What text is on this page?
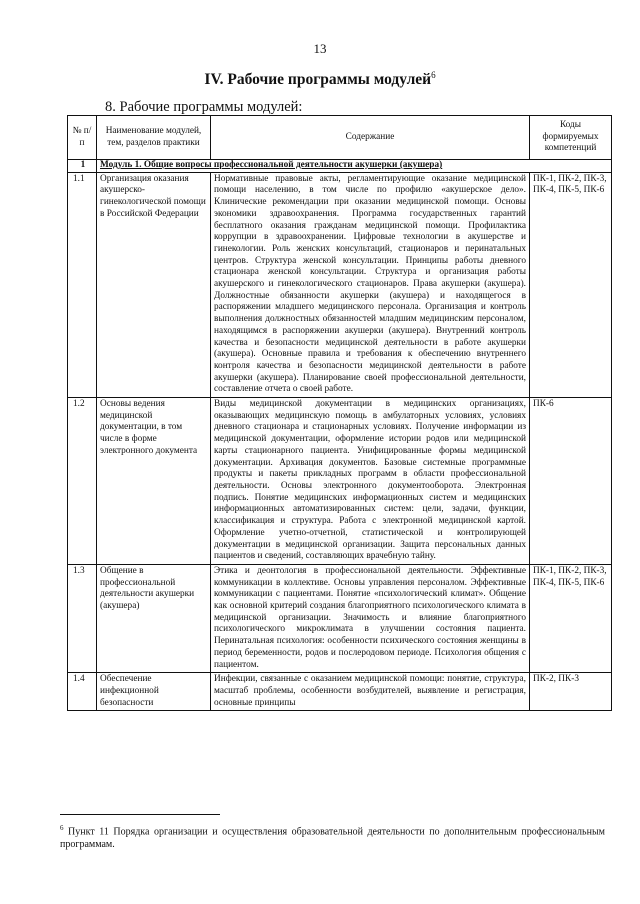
13
IV. Рабочие программы модулей$^6$
8. Рабочие программы модулей:
№ п/п	Наименование модулей, тем, разделов практики	Содержание	Коды формируемых компетенций
1	Модуль 1. Общие вопросы профессиональной деятельности акушерки (акушера)		
1.1	Организация оказания акушерско-гинекологической помощи в Российской Федерации	Нормативные правовые акты, регламентирующие оказание медицинской помощи населению, в том числе по профилю «акушерское дело». Клинические рекомендации при оказании медицинской помощи. Основы экономики здравоохранения. Программа государственных гарантий бесплатного оказания гражданам медицинской помощи. Профилактика коррупции в здравоохранении. Цифровые технологии в акушерстве и гинекологии. Роль женских консультаций, стационаров и перинатальных центров. Структура женской консультации. Принципы работы дневного стационара женской консультации. Структура и организация работы акушерского и гинекологического стационаров. Права акушерки (акушера). Должностные обязанности акушерки (акушера) и находящегося в распоряжении младшего медицинского персонала. Организация и контроль выполнения должностных обязанностей младшим медицинским персоналом, находящимся в распоряжении акушерки (акушера). Внутренний контроль качества и безопасности медицинской деятельности в работе акушерки (акушера). Основные правила и требования к обеспечению внутреннего контроля качества и безопасности медицинской деятельности в работе акушерки (акушера). Планирование своей профессиональной деятельности, составление отчета о своей работе.	ПК-1, ПК-2, ПК-3, ПК-4, ПК-5, ПК-6
1.2	Основы ведения медицинской документации, в том числе в форме электронного документа	Виды медицинской документации в медицинских организациях, оказывающих медицинскую помощь в амбулаторных условиях, условиях дневного стационара и стационарных условиях. Получение информации из медицинской документации, оформление истории родов или медицинской карты стационарного пациента. Унифицированные формы медицинской документации. Архивация документов. Базовые системные программные продукты и пакеты прикладных программ в области профессиональной деятельности. Основы электронного документооборота. Электронная подпись. Понятие медицинских информационных систем и медицинских информационных автоматизированных систем: цели, задачи, функции, классификация и структура. Работа с электронной медицинской картой. Оформление учетно-отчетной, статистической и контролирующей документации в медицинской организации. Защита персональных данных пациентов и сведений, составляющих врачебную тайну.	ПК-6
1.3	Общение в профессиональной деятельности акушерки (акушера)	Этика и деонтология в профессиональной деятельности. Эффективные коммуникации в коллективе. Основы управления персоналом. Эффективные коммуникации с пациентами. Понятие «психологический климат». Общение как основной критерий создания благоприятного психологического климата в медицинской организации. Значимость и влияние благоприятного психологического микроклимата в улучшении состояния пациента. Перинатальная психология: особенности психического состояния женщины в период беременности, родов и послеродовом периоде. Психология общения с пациентом.	ПК-1, ПК-2, ПК-3, ПК-4, ПК-5, ПК-6
1.4	Обеспечение инфекционной безопасности	Инфекции, связанные с оказанием медицинской помощи: понятие, структура, масштаб проблемы, особенности возбудителей, выявление и регистрация, основные принципы	ПК-2, ПК-3
$^6$ Пункт 11 Порядка организации и осуществления образовательной деятельности по дополнительным профессиональным программам.
